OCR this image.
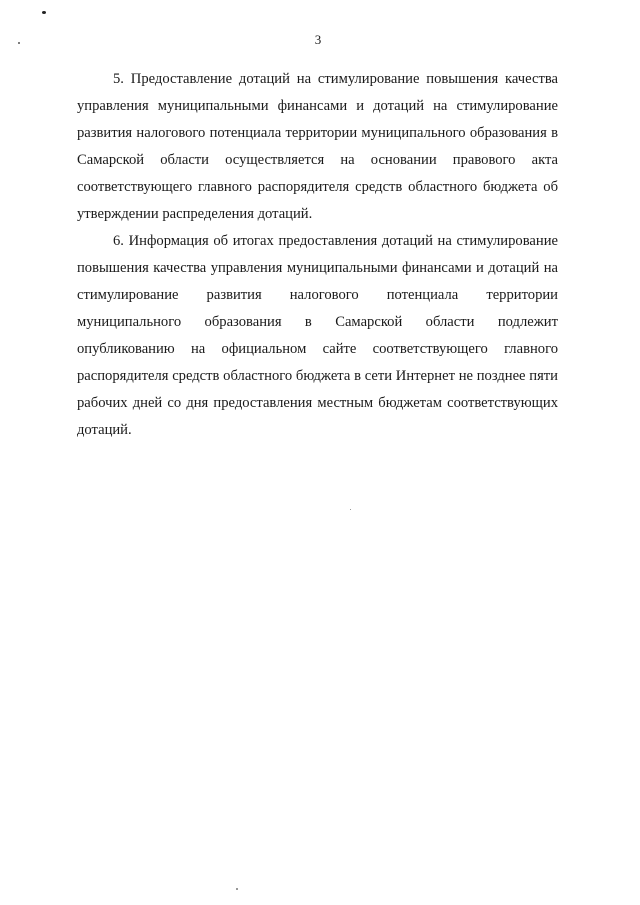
3

5. Предоставление дотаций на стимулирование повышения качества управления муниципальными финансами и дотаций на стимулирование развития налогового потенциала территории муниципального образования в Самарской области осуществляется на основании правового акта соответствующего главного распорядителя средств областного бюджета об утверждении распределения дотаций.

6. Информация об итогах предоставления дотаций на стимулирование повышения качества управления муниципальными финансами и дотаций на стимулирование развития налогового потенциала территории муниципального образования в Самарской области подлежит опубликованию на официальном сайте соответствующего главного распорядителя средств областного бюджета в сети Интернет не позднее пяти рабочих дней со дня предоставления местным бюджетам соответствующих дотаций.
